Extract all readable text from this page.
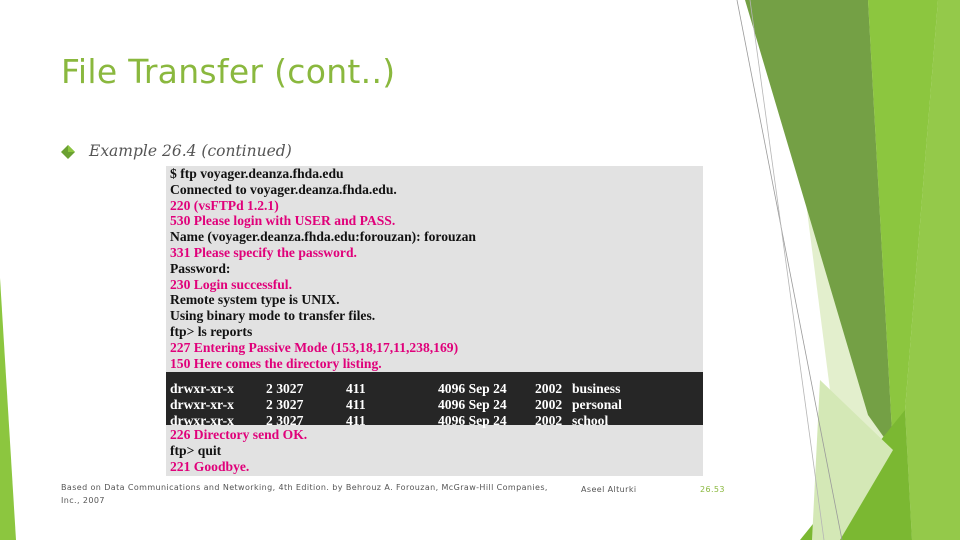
File Transfer (cont..)
Example 26.4 (continued)
$ ftp voyager.deanza.fhda.edu
Connected to voyager.deanza.fhda.edu.
220 (vsFTPd 1.2.1)
530 Please login with USER and PASS.
Name (voyager.deanza.fhda.edu:forouzan): forouzan
331 Please specify the password.
Password:
230 Login successful.
Remote system type is UNIX.
Using binary mode to transfer files.
ftp> ls reports
227 Entering Passive Mode (153,18,17,11,238,169)
150 Here comes the directory listing.
drwxr-xr-x 2 3027	411	4096 Sep 24 2002 business
drwxr-xr-x 2 3027	411	4096 Sep 24 2002 personal
drwxr-xr-x 2 3027	411	4096 Sep 24 2002 school
226 Directory send OK.
ftp> quit
221 Goodbye.
Based on Data Communications and Networking, 4th Edition. by Behrouz A. Forouzan, McGraw-Hill Companies, Inc., 2007
Aseel Alturki	26.53
